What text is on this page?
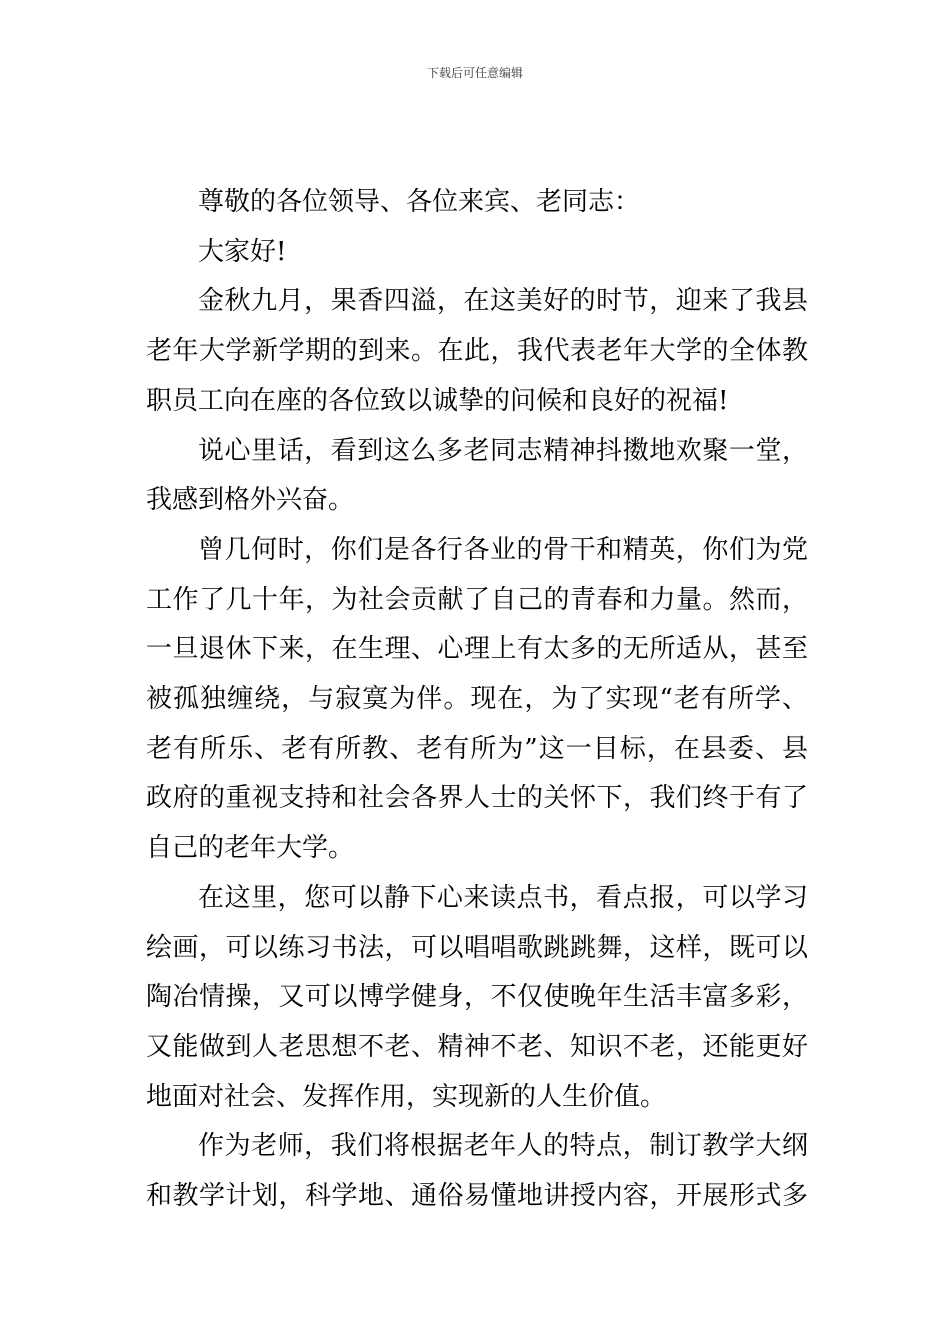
下载后可任意编辑
尊敬的各位领导、各位来宾、老同志：
大家好!
金秋九月，果香四溢，在这美好的时节，迎来了我县
老年大学新学期的到来。在此，我代表老年大学的全体教
职员工向在座的各位致以诚挚的问候和良好的祝福!
说心里话，看到这么多老同志精神抖擞地欢聚一堂，
我感到格外兴奋。
曾几何时，你们是各行各业的骨干和精英，你们为党
工作了几十年，为社会贡献了自己的青春和力量。然而，
一旦退休下来，在生理、心理上有太多的无所适从，甚至
被孤独缠绕，与寂寞为伴。现在，为了实现“老有所学、
老有所乐、老有所教、老有所为”这一目标，在县委、县
政府的重视支持和社会各界人士的关怀下，我们终于有了
自己的老年大学。
在这里，您可以静下心来读点书，看点报，可以学习
绘画，可以练习书法，可以唱唱歌跳跳舞，这样，既可以
陶冶情操，又可以博学健身，不仅使晚年生活丰富多彩，
又能做到人老思想不老、精神不老、知识不老，还能更好
地面对社会、发挥作用，实现新的人生价值。
作为老师，我们将根据老年人的特点，制订教学大纲
和教学计划，科学地、通俗易懂地讲授内容，开展形式多
